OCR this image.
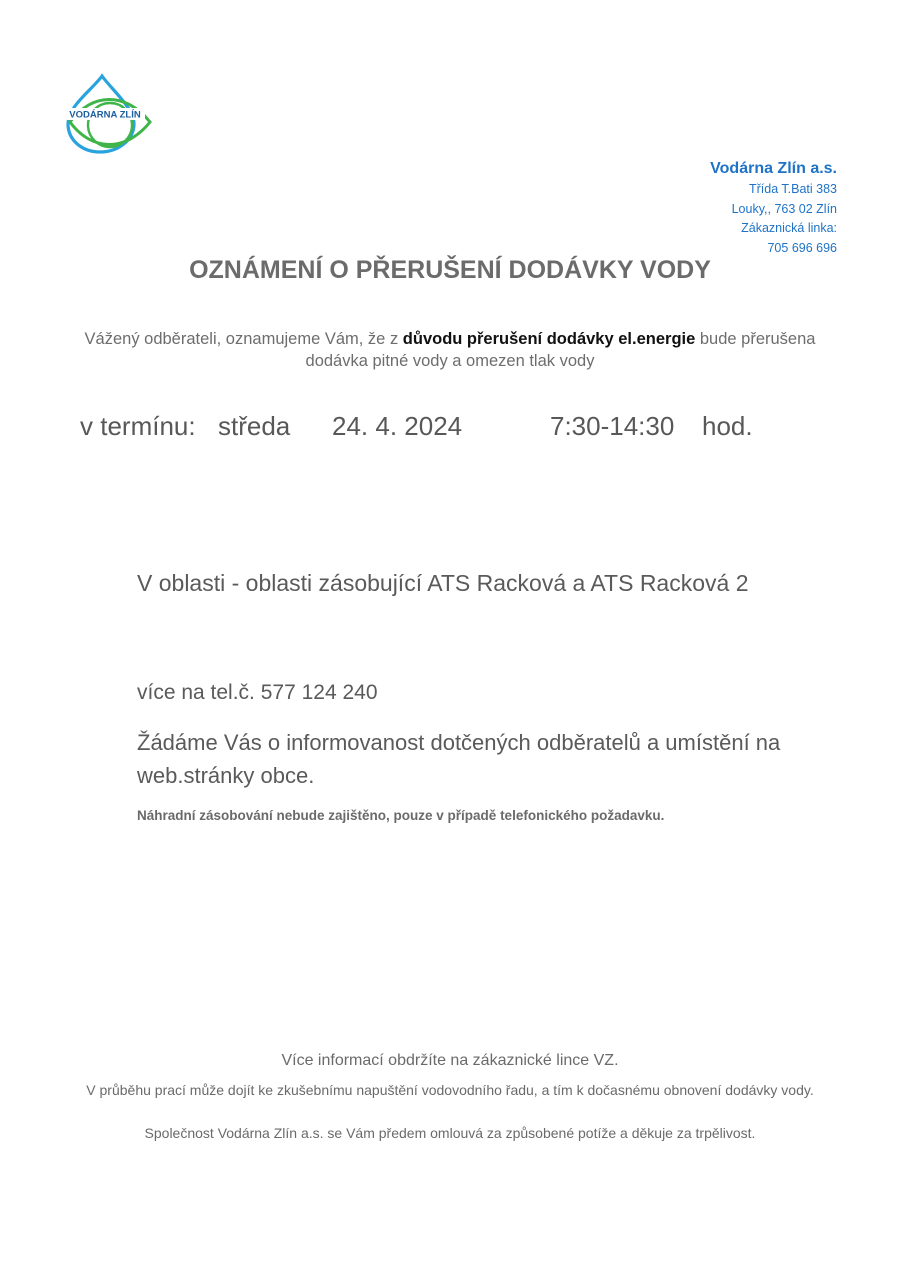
VODÁRNA ZLÍN
Vodárna Zlín a.s.
Třída T.Bati 383
Louky,, 763 02 Zlín
Zákaznická linka:
705 696 696
OZNÁMENÍ O PŘERUŠENÍ DODÁVKY VODY
Vážený odběrateli, oznamujeme Vám, že z důvodu přerušení dodávky el.energie bude přerušena dodávka pitné vody a omezen tlak vody
v termínu: středa 24. 4. 2024	7:30-14:30 hod.
V oblasti - oblasti zásobující ATS Racková a ATS Racková 2
více na tel.č. 577 124 240
Žádáme Vás o informovanost dotčených odběratelů a umístění na web.stránky obce.
Náhradní zásobování nebude zajištěno, pouze v případě telefonického požadavku.
Více informací obdržíte na zákaznické lince VZ.
V průběhu prací může dojít ke zkušebnímu napuštění vodovodního řadu, a tím k dočasnému obnovení dodávky vody.
Společnost Vodárna Zlín a.s. se Vám předem omlouvá za způsobené potíže a děkuje za trpělivost.
